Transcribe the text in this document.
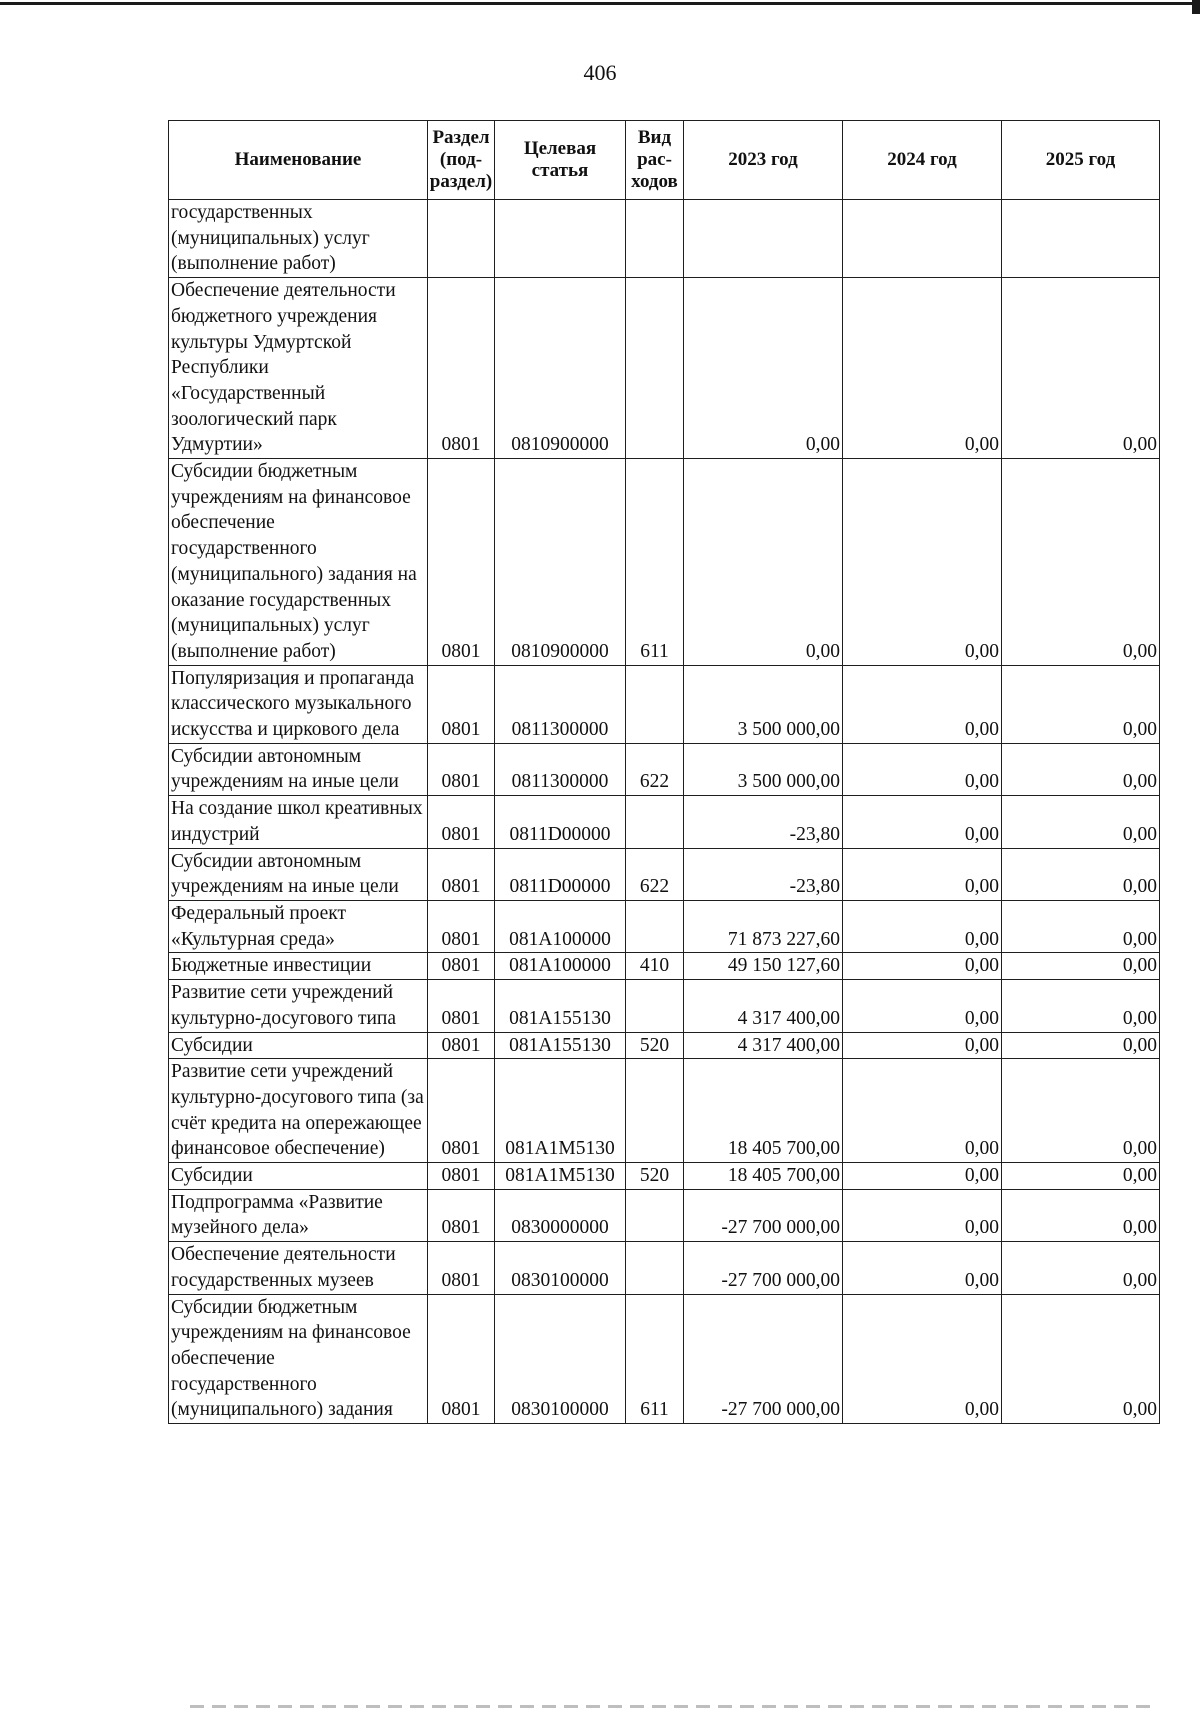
406
Наименование	Раздел (под-раздел)	Целевая статья	Вид рас-ходов	2023 год	2024 год	2025 год
государственных (муниципальных) услуг (выполнение работ)						
Обеспечение деятельности бюджетного учреждения культуры Удмуртской Республики «Государственный зоологический парк Удмуртии»	0801	0810900000		0,00	0,00	0,00
Субсидии бюджетным учреждениям на финансовое обеспечение государственного (муниципального) задания на оказание государственных (муниципальных) услуг (выполнение работ)	0801	0810900000	611	0,00	0,00	0,00
Популяризация и пропаганда классического музыкального искусства и циркового дела	0801	0811300000		3 500 000,00	0,00	0,00
Субсидии автономным учреждениям на иные цели	0801	0811300000	622	3 500 000,00	0,00	0,00
На создание школ креативных индустрий	0801	0811D00000		-23,80	0,00	0,00
Субсидии автономным учреждениям на иные цели	0801	0811D00000	622	-23,80	0,00	0,00
Федеральный проект «Культурная среда»	0801	081A100000		71 873 227,60	0,00	0,00
Бюджетные инвестиции	0801	081A100000	410	49 150 127,60	0,00	0,00
Развитие сети учреждений культурно-досугового типа	0801	081A155130		4 317 400,00	0,00	0,00
Субсидии	0801	081A155130	520	4 317 400,00	0,00	0,00
Развитие сети учреждений культурно-досугового типа (за счёт кредита на опережающее финансовое обеспечение)	0801	081A1M5130		18 405 700,00	0,00	0,00
Субсидии	0801	081A1M5130	520	18 405 700,00	0,00	0,00
Подпрограмма «Развитие музейного дела»	0801	0830000000		-27 700 000,00	0,00	0,00
Обеспечение деятельности государственных музеев	0801	0830100000		-27 700 000,00	0,00	0,00
Субсидии бюджетным учреждениям на финансовое обеспечение государственного (муниципального) задания	0801	0830100000	611	-27 700 000,00	0,00	0,00
